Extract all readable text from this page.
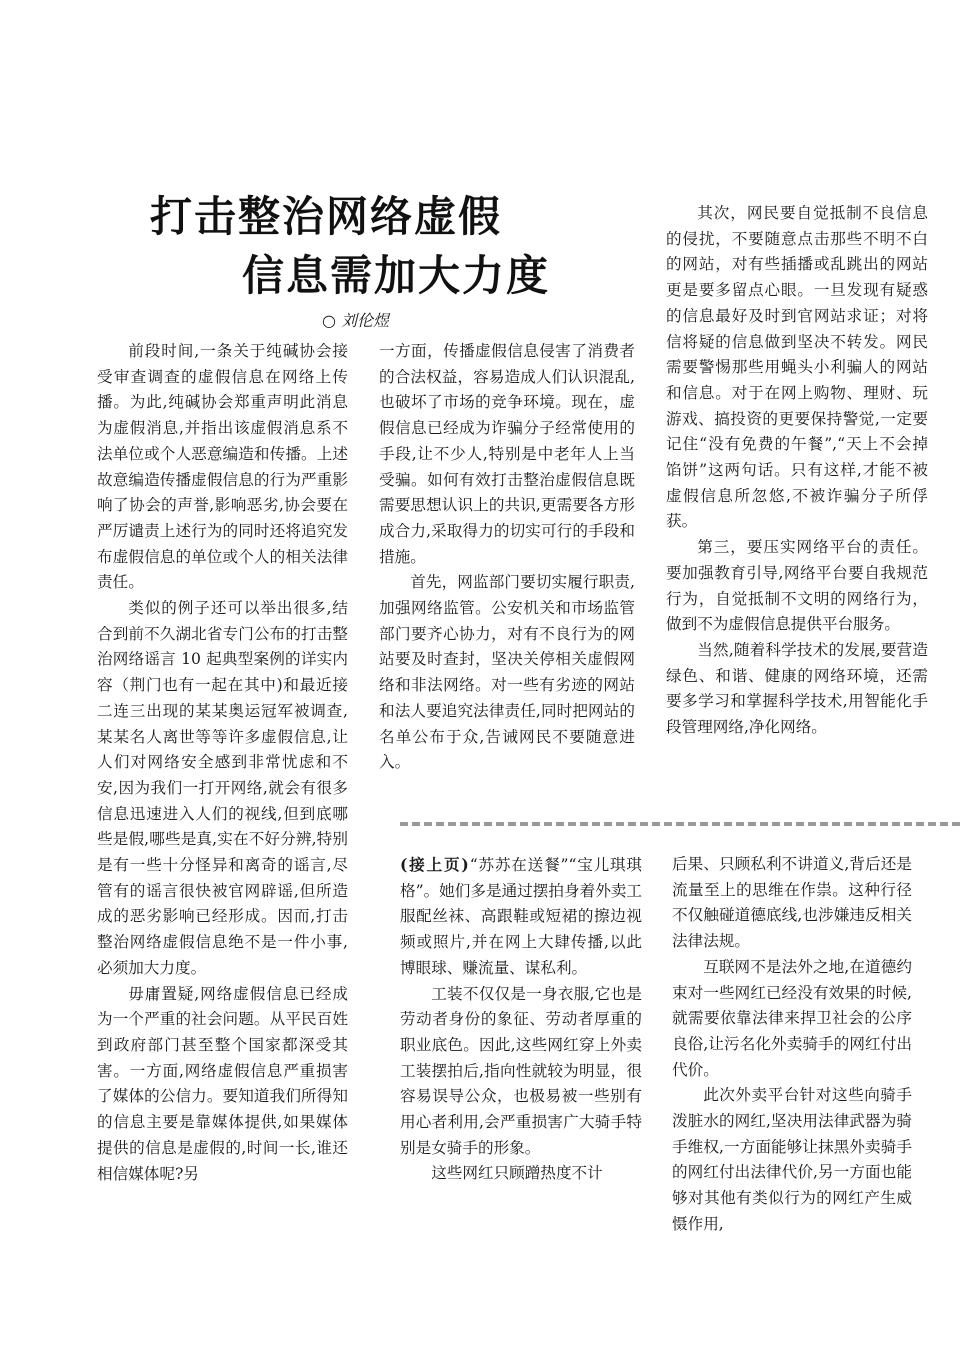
打击整治网络虚假
信息需加大力度
○ 刘伦煜

前段时间,一条关于纯碱协会接受审查调查的虚假信息在网络上传播。为此,纯碱协会郑重声明此消息为虚假消息,并指出该虚假消息系不法单位或个人恶意编造和传播。上述故意编造传播虚假信息的行为严重影响了协会的声誉,影响恶劣,协会要在严厉谴责上述行为的同时还将追究发布虚假信息的单位或个人的相关法律责任。

类似的例子还可以举出很多,结合到前不久湖北省专门公布的打击整治网络谣言 10 起典型案例的详实内容（荆门也有一起在其中)和最近接二连三出现的某某奥运冠军被调查,某某名人离世等等许多虚假信息,让人们对网络安全感到非常忧虑和不安,因为我们一打开网络,就会有很多信息迅速进入人们的视线,但到底哪些是假,哪些是真,实在不好分辨,特别是有一些十分怪异和离奇的谣言,尽管有的谣言很快被官网辟谣,但所造成的恶劣影响已经形成。因而,打击整治网络虚假信息绝不是一件小事,必须加大力度。

毋庸置疑,网络虚假信息已经成为一个严重的社会问题。从平民百姓到政府部门甚至整个国家都深受其害。一方面,网络虚假信息严重损害了媒体的公信力。要知道我们所得知的信息主要是靠媒体提供,如果媒体提供的信息是虚假的,时间一长,谁还相信媒体呢?另

一方面，传播虚假信息侵害了消费者的合法权益，容易造成人们认识混乱,也破坏了市场的竞争环境。现在，虚假信息已经成为诈骗分子经常使用的手段,让不少人,特别是中老年人上当受骗。如何有效打击整治虚假信息既需要思想认识上的共识,更需要各方形成合力,采取得力的切实可行的手段和措施。

首先，网监部门要切实履行职责,加强网络监管。公安机关和市场监管部门要齐心协力，对有不良行为的网站要及时查封，坚决关停相关虚假网络和非法网络。对一些有劣迹的网站和法人要追究法律责任,同时把网站的名单公布于众,告诫网民不要随意进入。

其次，网民要自觉抵制不良信息的侵扰，不要随意点击那些不明不白的网站，对有些插播或乱跳出的网站更是要多留点心眼。一旦发现有疑惑的信息最好及时到官网站求证；对将信将疑的信息做到坚决不转发。网民需要警惕那些用蝇头小利骗人的网站和信息。对于在网上购物、理财、玩游戏、搞投资的更要保持警觉,一定要记住“没有免费的午餐”,“天上不会掉馅饼”这两句话。只有这样,才能不被虚假信息所忽悠,不被诈骗分子所俘获。

第三，要压实网络平台的责任。要加强教育引导,网络平台要自我规范行为，自觉抵制不文明的网络行为，做到不为虚假信息提供平台服务。

当然,随着科学技术的发展,要营造绿色、和谐、健康的网络环境，还需要多学习和掌握科学技术,用智能化手段管理网络,净化网络。

(接上页)“苏苏在送餐”“宝儿琪琪格”。她们多是通过摆拍身着外卖工服配丝袜、高跟鞋或短裙的擦边视频或照片,并在网上大肆传播,以此博眼球、赚流量、谋私利。

工装不仅仅是一身衣服,它也是劳动者身份的象征、劳动者厚重的职业底色。因此,这些网红穿上外卖工装摆拍后,指向性就较为明显，很容易误导公众，也极易被一些别有用心者利用,会严重损害广大骑手特别是女骑手的形象。

这些网红只顾蹭热度不计

后果、只顾私利不讲道义,背后还是流量至上的思维在作祟。这种行径不仅触碰道德底线,也涉嫌违反相关法律法规。

互联网不是法外之地,在道德约束对一些网红已经没有效果的时候,就需要依靠法律来捍卫社会的公序良俗,让污名化外卖骑手的网红付出代价。

此次外卖平台针对这些向骑手泼脏水的网红,坚决用法律武器为骑手维权,一方面能够让抹黑外卖骑手的网红付出法律代价,另一方面也能够对其他有类似行为的网红产生威慑作用,
